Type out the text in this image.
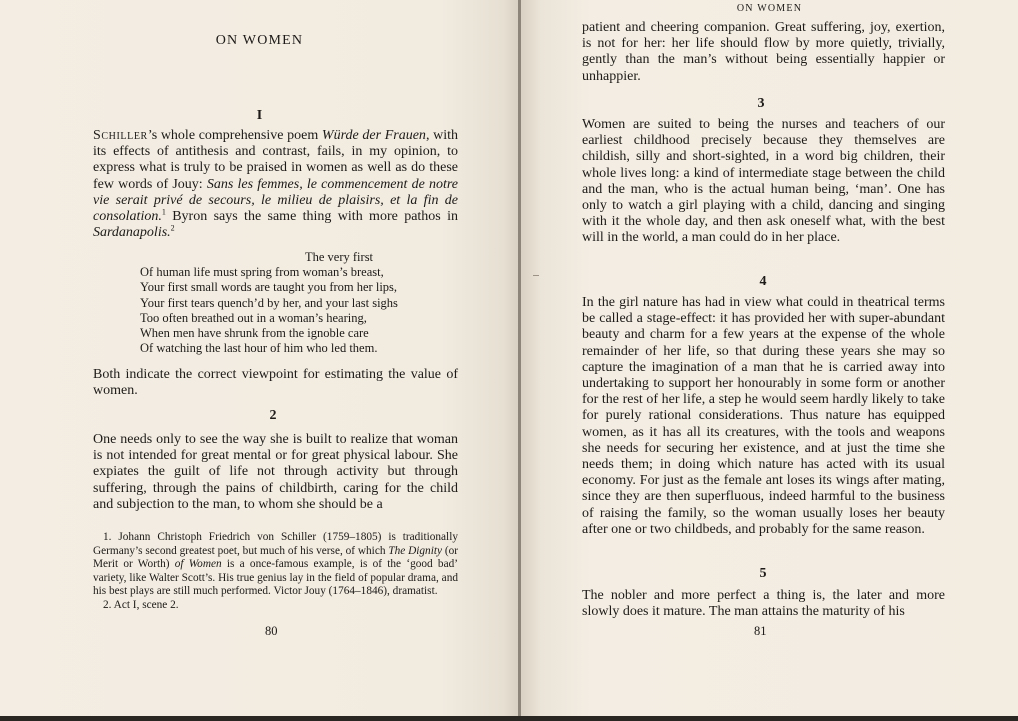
ON WOMEN
I

Schiller’s whole comprehensive poem Würde der Frauen, with its effects of antithesis and contrast, fails, in my opinion, to express what is truly to be praised in women as well as do these few words of Jouy: Sans les femmes, le commencement de notre vie serait privé de secours, le milieu de plaisirs, et la fin de consolation.$^1$ Byron says the same thing with more pathos in Sardanapolis.$^2$

The very first
Of human life must spring from woman’s breast,
Your first small words are taught you from her lips,
Your first tears quench’d by her, and your last sighs
Too often breathed out in a woman’s hearing,
When men have shrunk from the ignoble care
Of watching the last hour of him who led them.
Both indicate the correct viewpoint for estimating the value of women.
2
One needs only to see the way she is built to realize that woman is not intended for great mental or for great physical labour. She expiates the guilt of life not through activity but through suffering, through the pains of childbirth, caring for the child and subjection to the man, to whom she should be a

1. Johann Christoph Friedrich von Schiller (1759–1805) is traditionally Germany’s second greatest poet, but much of his verse, of which The Dignity (or Merit or Worth) of Women is a once-famous example, is of the ‘good bad’ variety, like Walter Scott’s. His true genius lay in the field of popular drama, and his best plays are still much performed. Victor Jouy (1764–1846), dramatist.

2. Act I, scene 2.

80
ON WOMEN
patient and cheering companion. Great suffering, joy, exertion, is not for her: her life should flow by more quietly, trivially, gently than the man’s without being essentially happier or unhappier.
3
Women are suited to being the nurses and teachers of our earliest childhood precisely because they themselves are childish, silly and short-sighted, in a word big children, their whole lives long: a kind of intermediate stage between the child and the man, who is the actual human being, ‘man’. One has only to watch a girl playing with a child, dancing and singing with it the whole day, and then ask oneself what, with the best will in the world, a man could do in her place.
4
In the girl nature has had in view what could in theatrical terms be called a stage-effect: it has provided her with super-abundant beauty and charm for a few years at the expense of the whole remainder of her life, so that during these years she may so capture the imagination of a man that he is carried away into undertaking to support her honourably in some form or another for the rest of her life, a step he would seem hardly likely to take for purely rational considerations. Thus nature has equipped women, as it has all its creatures, with the tools and weapons she needs for securing her existence, and at just the time she needs them; in doing which nature has acted with its usual economy. For just as the female ant loses its wings after mating, since they are then superfluous, indeed harmful to the business of raising the family, so the woman usually loses her beauty after one or two childbeds, and probably for the same reason.
5
The nobler and more perfect a thing is, the later and more slowly does it mature. The man attains the maturity of his
81
